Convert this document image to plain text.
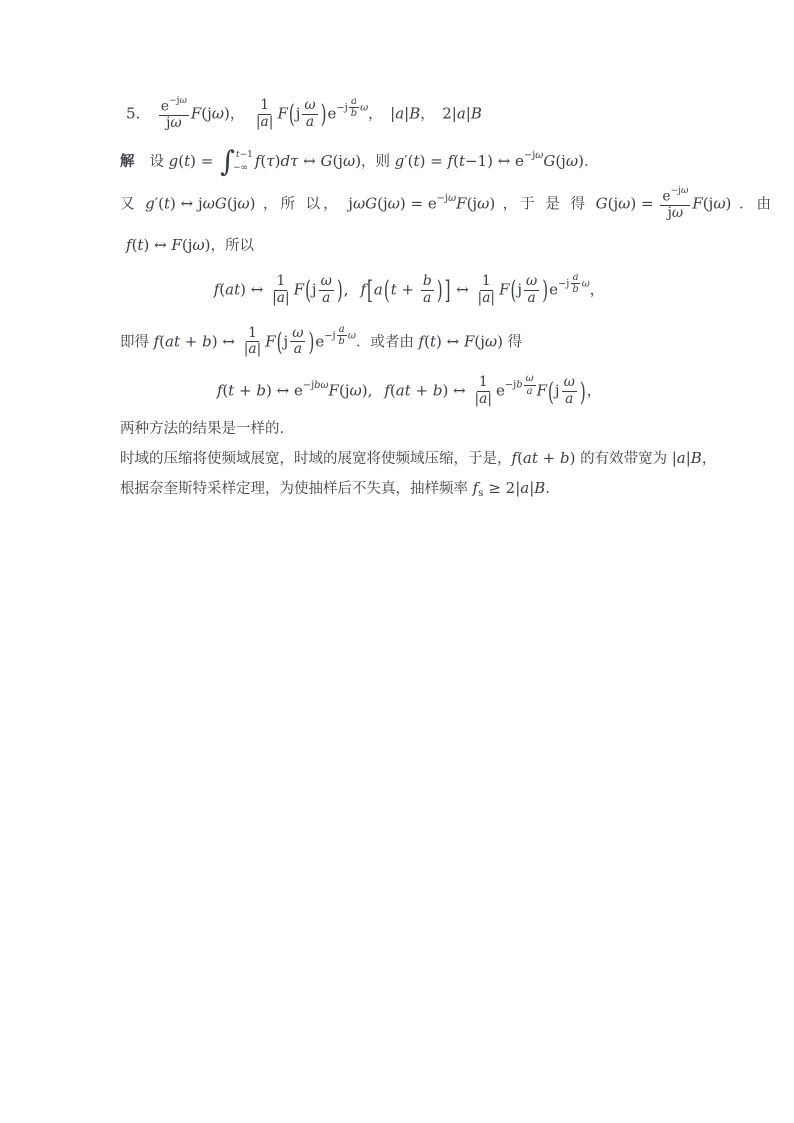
5. $\frac{e-j\omega}{j\omega} F(j\omega)$， $\frac{1}{|a|} F(j \frac{\omega}{a} )e-j \frac{a}{b}$ ω， |a|B， 2|a|B
解 设 g(t) = ∫ t−1
−∞ f(τ)dτ ↔ G(jω)，则 g′(t) = f(t−1) ↔ e−jωG(jω)．
又 g′(t) ↔ jωG(jω) ，所 以， jωG(jω) = e−jωF(jω) ，于 是 得 $G(j\omega) = \frac{e-j\omega}{j\omega} F(j\omega)$ ．由
f(t) ↔ F(jω)，所以
f(at) ↔ $\frac{1}{|a|} F(j \frac{\omega}{a}$ ), $f[a(t + \frac{b}{a}$ ) ] ↔ $\frac{1}{|a|} F(j \frac{\omega}{a} )e-j \frac{a}{b}$ ω，
即得 f(at + b) ↔ $\frac{1}{|a|} F(j \frac{\omega}{a} )e-j \frac{a}{b}$ ω．或者由 f(t) ↔ F(jω) 得
f(t + b) ↔ e−jbωF(jω), f(at + b) ↔ $\frac{1}{|a|} e-jb \frac{\omega}{a} F(j \frac{\omega}{a}$ )，
两种方法的结果是一样的.
时域的压缩将使频域展宽，时域的展宽将使频域压缩，于是，f(at + b) 的有效带宽为 |a|B，
根据奈奎斯特采样定理，为使抽样后不失真，抽样频率 fs ≥ 2|a|B．
